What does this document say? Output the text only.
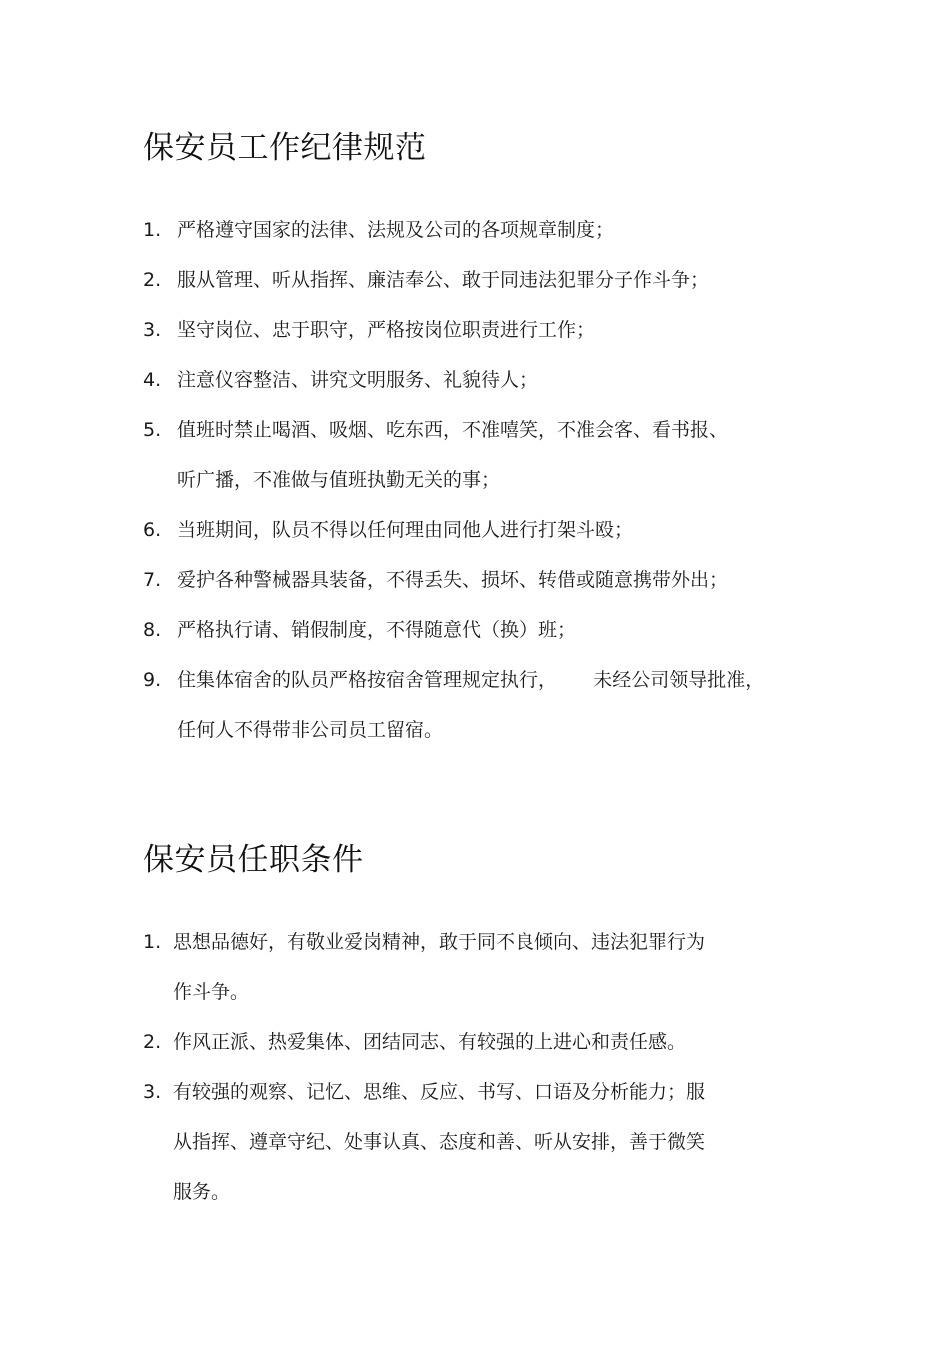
保安员工作纪律规范
1. 严格遵守国家的法律、法规及公司的各项规章制度；
2. 服从管理、听从指挥、廉洁奉公、敢于同违法犯罪分子作斗争；
3. 坚守岗位、忠于职守，严格按岗位职责进行工作；
4. 注意仪容整洁、讲究文明服务、礼貌待人；
5. 值班时禁止喝酒、吸烟、吃东西，不准嘻笑，不准会客、看书报、
听广播，不准做与值班执勤无关的事；
6. 当班期间，队员不得以任何理由同他人进行打架斗殴；
7. 爱护各种警械器具装备，不得丢失、损坏、转借或随意携带外出；
8. 严格执行请、销假制度，不得随意代（换）班；
9. 住集体宿舍的队员严格按宿舍管理规定执行，      未经公司领导批准，
任何人不得带非公司员工留宿。
保安员任职条件
1. 思想品德好，有敬业爱岗精神，敢于同不良倾向、违法犯罪行为
作斗争。
2. 作风正派、热爱集体、团结同志、有较强的上进心和责任感。
3. 有较强的观察、记忆、思维、反应、书写、口语及分析能力；服
从指挥、遵章守纪、处事认真、态度和善、听从安排，善于微笑
服务。
